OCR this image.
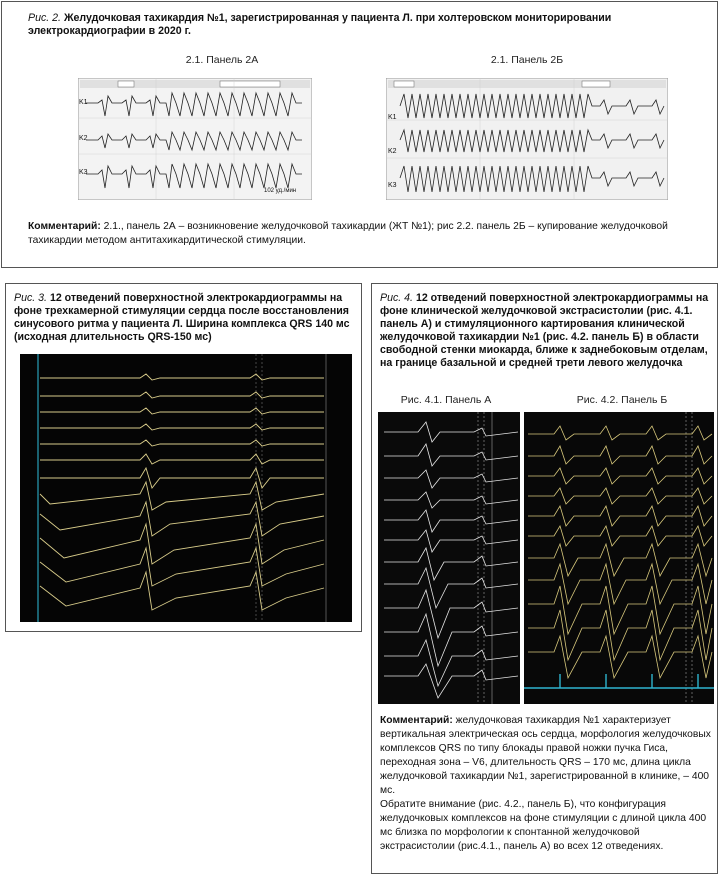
Рис. 2. Желудочковая тахикардия №1, зарегистрированная у пациента Л. при холтеровском мониторировании электрокардиографии в 2020 г.

2.1. Панель 2А	2.1. Панель 2Б
K1
K2
K3
102 уд./мин
K1
K2
K3

Комментарий: 2.1., панель 2А – возникновение желудочковой тахикардии (ЖТ №1); рис 2.2. панель 2Б – купирование желудочковой тахикардии методом антитахикардитической стимуляции.

Рис. 3. 12 отведений поверхностной электрокардиограммы на фоне трехкамерной стимуляции сердца после восстановления синусового ритма у пациента Л. Ширина комплекса QRS 140 мс (исходная длительность QRS-150 мс)

Рис. 4. 12 отведений поверхностной электрокардиограммы на фоне клинической желудочковой экстрасистолии (рис. 4.1. панель А) и стимуляционного картирования клинической желудочковой тахикардии №1 (рис. 4.2. панель Б) в области свободной стенки миокарда, ближе к заднебоковым отделам, на границе базальной и средней трети левого желудочка

Рис. 4.1. Панель А	Рис. 4.2. Панель Б

Комментарий: желудочковая тахикардия №1 характеризует вертикальная электрическая ось сердца, морфология желудочковых комплексов QRS по типу блокады правой ножки пучка Гиса, переходная зона – V6, длительность QRS – 170 мс, длина цикла желудочковой тахикардии №1, зарегистрированной в клинике, – 400 мс.

Обратите внимание (рис. 4.2., панель Б), что конфигурация желудочковых комплексов на фоне стимуляции с длиной цикла 400 мс близка по морфологии к спонтанной желудочковой экстрасистолии (рис.4.1., панель А) во всех 12 отведениях.
